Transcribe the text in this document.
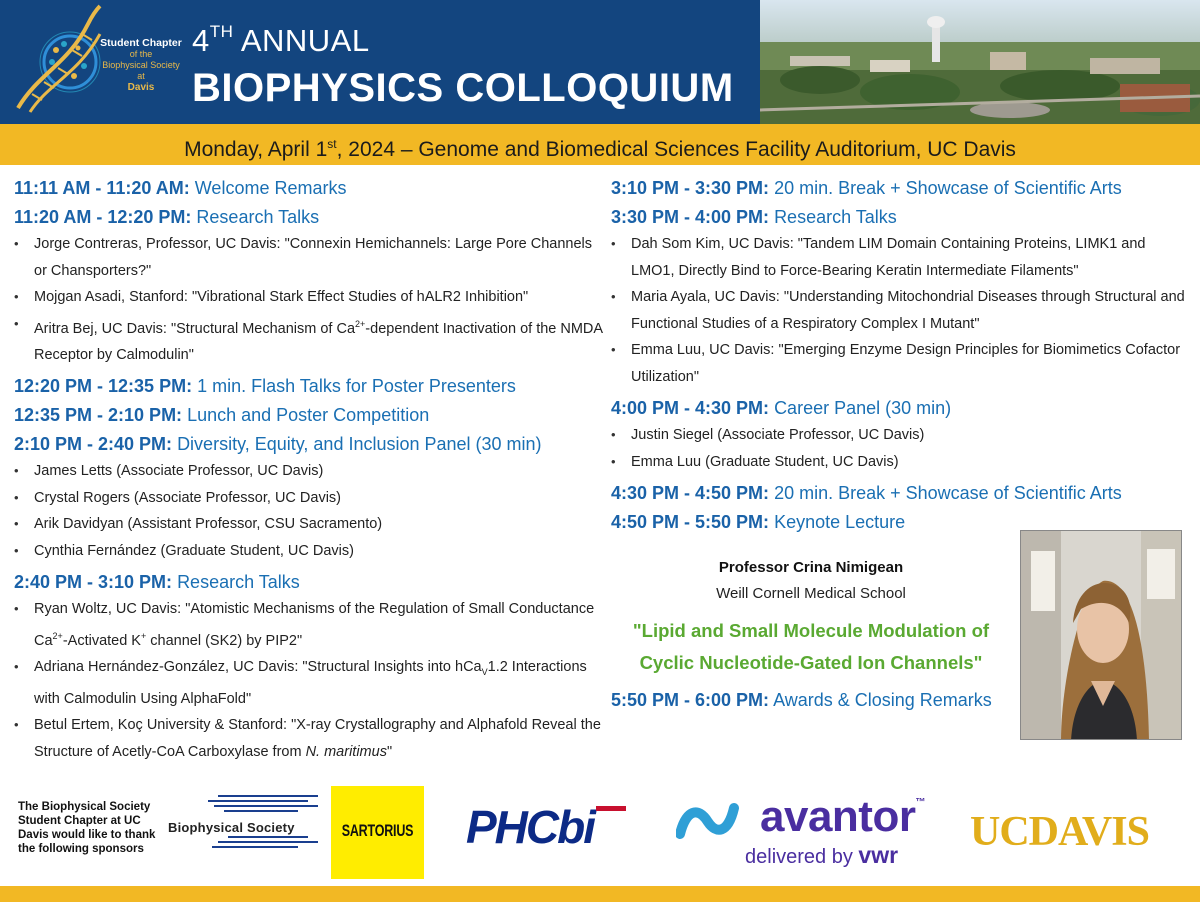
Student Chapter
of the
Biophysical Society
at
Davis
4TH ANNUAL
BIOPHYSICS COLLOQUIUM
Monday, April 1st, 2024 – Genome and Biomedical Sciences Facility Auditorium, UC Davis
11:11 AM - 11:20 AM: Welcome Remarks
11:20 AM - 12:20 PM: Research Talks
• Jorge Contreras, Professor, UC Davis: "Connexin Hemichannels: Large Pore Channels or Chansporters?"
• Mojgan Asadi, Stanford: "Vibrational Stark Effect Studies of hALR2 Inhibition"
• Aritra Bej, UC Davis: "Structural Mechanism of $Ca^{2+}$-dependent Inactivation of the NMDA Receptor by Calmodulin"
12:20 PM - 12:35 PM: 1 min. Flash Talks for Poster Presenters
12:35 PM - 2:10 PM: Lunch and Poster Competition
2:10 PM - 2:40 PM: Diversity, Equity, and Inclusion Panel (30 min)
• James Letts (Associate Professor, UC Davis)
• Crystal Rogers (Associate Professor, UC Davis)
• Arik Davidyan (Assistant Professor, CSU Sacramento)
• Cynthia Fernández (Graduate Student, UC Davis)
2:40 PM - 3:10 PM: Research Talks
• Ryan Woltz, UC Davis: "Atomistic Mechanisms of the Regulation of Small Conductance $Ca^{2+}$-Activated K+ channel (SK2) by PIP2"
• Adriana Hernández-González, UC Davis: "Structural Insights into hCa$_V$1.2 Interactions with Calmodulin Using AlphaFold"
• Betul Ertem, Koç University & Stanford: "X-ray Crystallography and Alphafold Reveal the Structure of Acetly-CoA Carboxylase from N. maritimus"
3:10 PM - 3:30 PM: 20 min. Break + Showcase of Scientific Arts
3:30 PM - 4:00 PM: Research Talks
• Dah Som Kim, UC Davis: "Tandem LIM Domain Containing Proteins, LIMK1 and LMO1, Directly Bind to Force-Bearing Keratin Intermediate Filaments"
• Maria Ayala, UC Davis: "Understanding Mitochondrial Diseases through Structural and Functional Studies of a Respiratory Complex I Mutant"
• Emma Luu, UC Davis: "Emerging Enzyme Design Principles for Biomimetics Cofactor Utilization"
4:00 PM - 4:30 PM: Career Panel (30 min)
• Justin Siegel (Associate Professor, UC Davis)
• Emma Luu (Graduate Student, UC Davis)
4:30 PM - 4:50 PM: 20 min. Break + Showcase of Scientific Arts
4:50 PM - 5:50 PM: Keynote Lecture
Professor Crina Nimigean
Weill Cornell Medical School
"Lipid and Small Molecule Modulation of Cyclic Nucleotide-Gated Ion Channels"
5:50 PM - 6:00 PM: Awards & Closing Remarks
The Biophysical Society Student Chapter at UC Davis would like to thank the following sponsors
Biophysical Society	SARTORIUS PHCbi	avantor™
delivered by vwr UCDAVIS
